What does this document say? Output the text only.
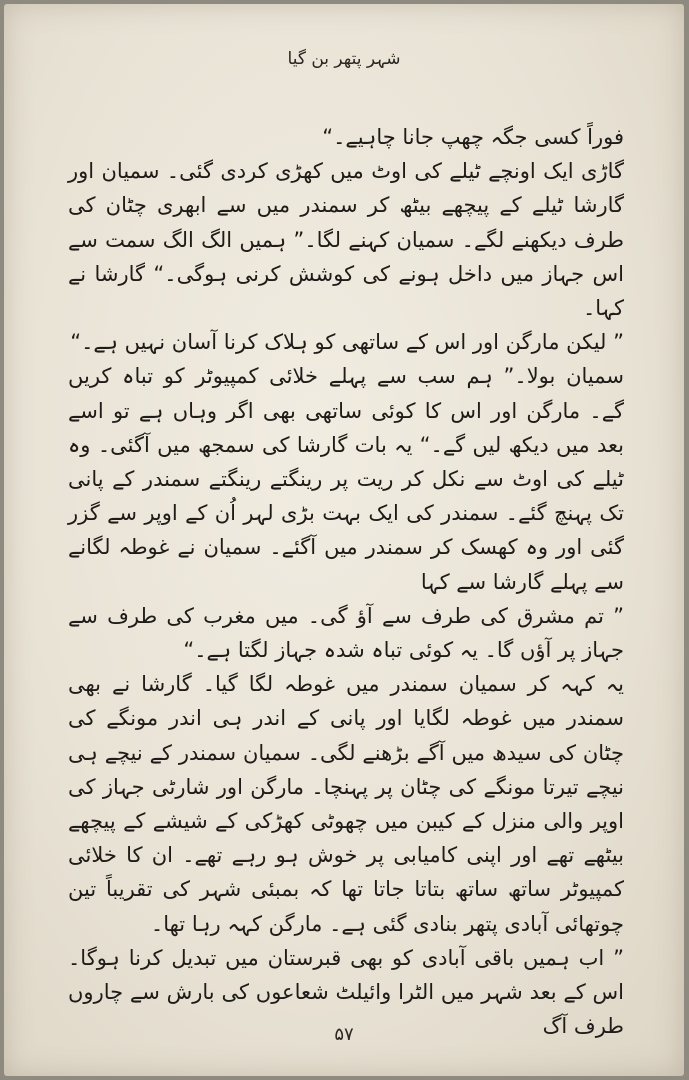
شہر پتھر بن گیا

فوراً کسی جگہ چھپ جانا چاہیے۔“

گاڑی ایک اونچے ٹیلے کی اوٹ میں کھڑی کردی گئی۔ سمیان اور گارشا ٹیلے کے پیچھے بیٹھ کر سمندر میں سے ابھری چٹان کی طرف دیکھنے لگے۔ سمیان کہنے لگا۔” ہمیں الگ الگ سمت سے اس جہاز میں داخل ہونے کی کوشش کرنی ہوگی۔“ گارشا نے کہا۔

” لیکن مارگن اور اس کے ساتھی کو ہلاک کرنا آسان نہیں ہے۔“

سمیان بولا۔” ہم سب سے پہلے خلائی کمپیوٹر کو تباہ کریں گے۔ مارگن اور اس کا کوئی ساتھی بھی اگر وہاں ہے تو اسے بعد میں دیکھ لیں گے۔“ یہ بات گارشا کی سمجھ میں آگئی۔ وہ ٹیلے کی اوٹ سے نکل کر ریت پر رینگتے رینگتے سمندر کے پانی تک پہنچ گئے۔ سمندر کی ایک بہت بڑی لہر اُن کے اوپر سے گزر گئی اور وہ کھسک کر سمندر میں آگئے۔ سمیان نے غوطہ لگانے سے پہلے گارشا سے کہا

” تم مشرق کی طرف سے آؤ گی۔ میں مغرب کی طرف سے جہاز پر آؤں گا۔ یہ کوئی تباہ شدہ جہاز لگتا ہے۔“

یہ کہہ کر سمیان سمندر میں غوطہ لگا گیا۔ گارشا نے بھی سمندر میں غوطہ لگایا اور پانی کے اندر ہی اندر مونگے کی چٹان کی سیدھ میں آگے بڑھنے لگی۔ سمیان سمندر کے نیچے ہی نیچے تیرتا مونگے کی چٹان پر پہنچا۔ مارگن اور شارٹی جہاز کی اوپر والی منزل کے کیبن میں چھوٹی کھڑکی کے شیشے کے پیچھے بیٹھے تھے اور اپنی کامیابی پر خوش ہو رہے تھے۔ ان کا خلائی کمپیوٹر ساتھ ساتھ بتاتا جاتا تھا کہ بمبئی شہر کی تقریباً تین چوتھائی آبادی پتھر بنادی گئی ہے۔ مارگن کہہ رہا تھا۔

” اب ہمیں باقی آبادی کو بھی قبرستان میں تبدیل کرنا ہوگا۔ اس کے بعد شہر میں الٹرا وائیلٹ شعاعوں کی بارش سے چاروں طرف آگ

۵۷
